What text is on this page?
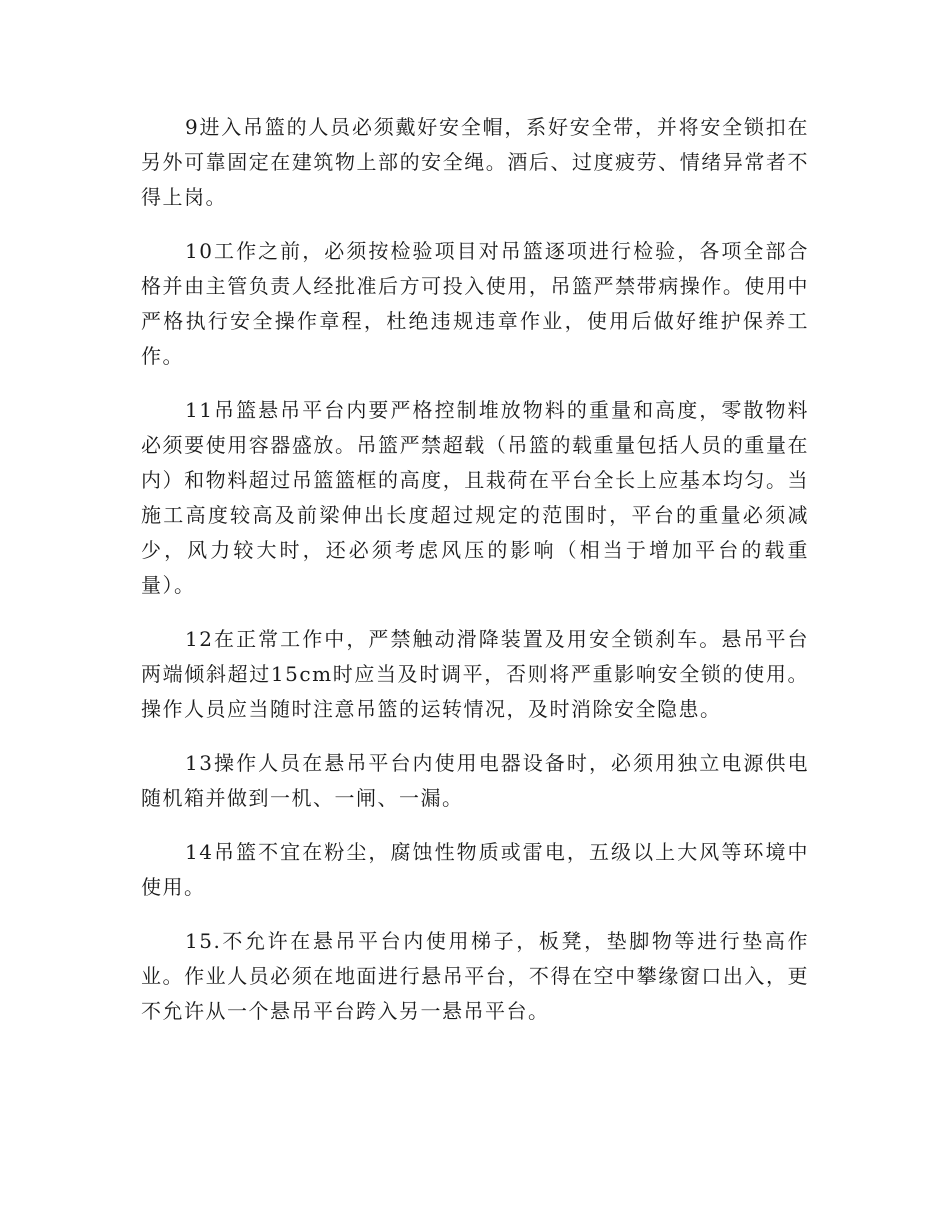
9进入吊篮的人员必须戴好安全帽，系好安全带，并将安全锁扣在另外可靠固定在建筑物上部的安全绳。酒后、过度疲劳、情绪异常者不得上岗。

10工作之前，必须按检验项目对吊篮逐项进行检验，各项全部合格并由主管负责人经批准后方可投入使用，吊篮严禁带病操作。使用中严格执行安全操作章程，杜绝违规违章作业，使用后做好维护保养工作。

11吊篮悬吊平台内要严格控制堆放物料的重量和高度，零散物料必须要使用容器盛放。吊篮严禁超载（吊篮的载重量包括人员的重量在内）和物料超过吊篮篮框的高度，且栽荷在平台全长上应基本均匀。当施工高度较高及前梁伸出长度超过规定的范围时，平台的重量必须减少，风力较大时，还必须考虑风压的影响（相当于增加平台的载重量）。

12在正常工作中，严禁触动滑降装置及用安全锁刹车。悬吊平台两端倾斜超过15cm时应当及时调平，否则将严重影响安全锁的使用。操作人员应当随时注意吊篮的运转情况，及时消除安全隐患。

13操作人员在悬吊平台内使用电器设备时，必须用独立电源供电随机箱并做到一机、一闸、一漏。

14吊篮不宜在粉尘，腐蚀性物质或雷电，五级以上大风等环境中使用。

15.不允许在悬吊平台内使用梯子，板凳，垫脚物等进行垫高作业。作业人员必须在地面进行悬吊平台，不得在空中攀缘窗口出入，更不允许从一个悬吊平台跨入另一悬吊平台。
